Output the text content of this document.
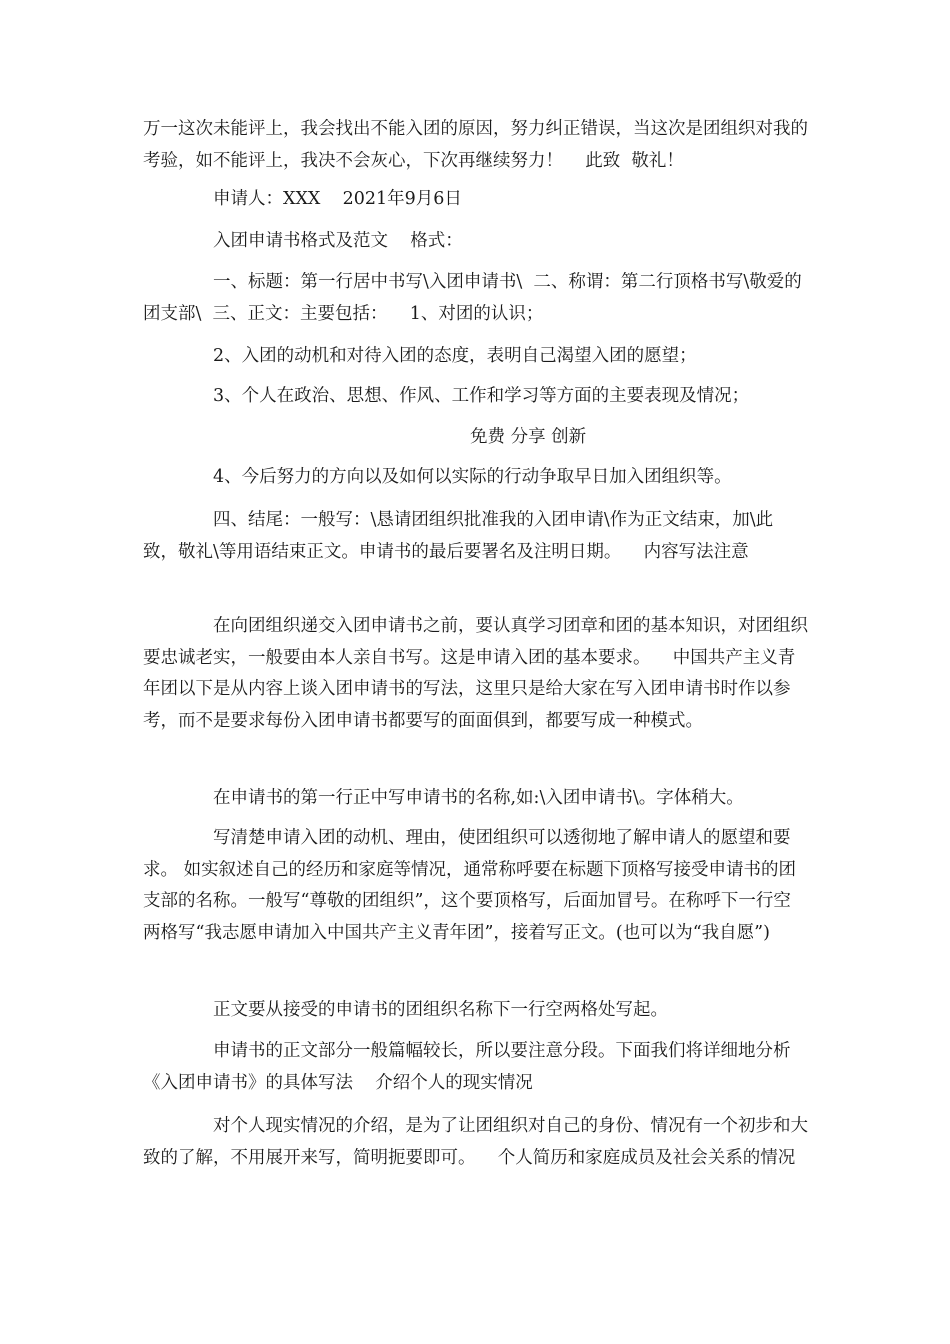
万一这次未能评上，我会找出不能入团的原因，努力纠正错误，当这次是团组织对我的考验，如不能评上，我决不会灰心，下次再继续努力！    此致  敬礼！

申请人：XXX    2021年9月6日

入团申请书格式及范文    格式：

一、标题：第一行居中书写\入团申请书\  二、称谓：第二行顶格书写\敬爱的团支部\  三、正文：主要包括：    1、对团的认识；

2、入团的动机和对待入团的态度，表明自己渴望入团的愿望；

3、个人在政治、思想、作风、工作和学习等方面的主要表现及情况；

免费 分享 创新

4、今后努力的方向以及如何以实际的行动争取早日加入团组织等。

四、结尾：一般写：\恳请团组织批准我的入团申请\作为正文结束，加\此致，敬礼\等用语结束正文。申请书的最后要署名及注明日期。    内容写法注意

在向团组织递交入团申请书之前，要认真学习团章和团的基本知识，对团组织要忠诚老实，一般要由本人亲自书写。这是申请入团的基本要求。    中国共产主义青年团以下是从内容上谈入团申请书的写法，这里只是给大家在写入团申请书时作以参考，而不是要求每份入团申请书都要写的面面俱到，都要写成一种模式。

在申请书的第一行正中写申请书的名称,如:\入团申请书\。字体稍大。

写清楚申请入团的动机、理由，使团组织可以透彻地了解申请人的愿望和要求。 如实叙述自己的经历和家庭等情况，通常称呼要在标题下顶格写接受申请书的团支部的名称。一般写“尊敬的团组织”，这个要顶格写，后面加冒号。在称呼下一行空两格写“我志愿申请加入中国共产主义青年团”，接着写正文。(也可以为“我自愿”)

正文要从接受的申请书的团组织名称下一行空两格处写起。

申请书的正文部分一般篇幅较长，所以要注意分段。下面我们将详细地分析《入团申请书》的具体写法    介绍个人的现实情况

对个人现实情况的介绍，是为了让团组织对自己的身份、情况有一个初步和大致的了解，不用展开来写，简明扼要即可。    个人简历和家庭成员及社会关系的情况
